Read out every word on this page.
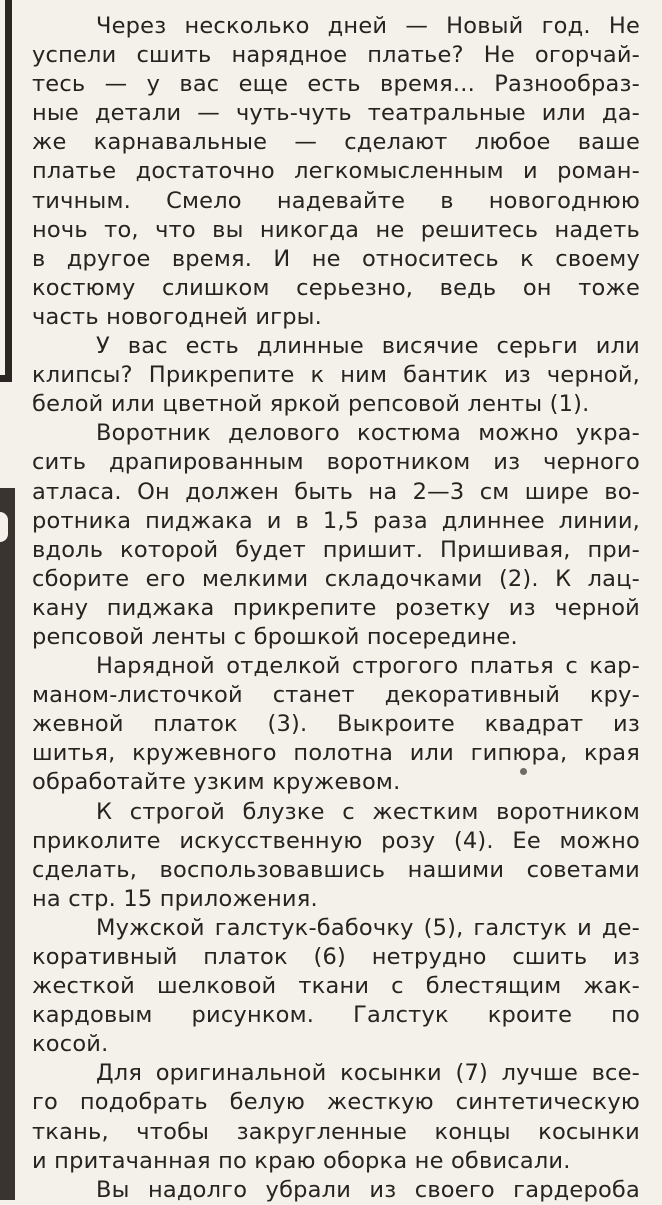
Через несколько дней — Новый год. Не
успели сшить нарядное платье? Не огорчай-
тесь — у вас еще есть время... Разнообраз-
ные детали — чуть-чуть театральные или да-
же карнавальные — сделают любое ваше
платье достаточно легкомысленным и роман-
тичным. Смело надевайте в новогоднюю
ночь то, что вы никогда не решитесь надеть
в другое время. И не относитесь к своему
костюму слишком серьезно, ведь он тоже
часть новогодней игры.
У вас есть длинные висячие серьги или
клипсы? Прикрепите к ним бантик из черной,
белой или цветной яркой репсовой ленты (1).
Воротник делового костюма можно укра-
сить драпированным воротником из черного
атласа. Он должен быть на 2—3 см шире во-
ротника пиджака и в 1,5 раза длиннее линии,
вдоль которой будет пришит. Пришивая, при-
сборите его мелкими складочками (2). К лац-
кану пиджака прикрепите розетку из черной
репсовой ленты с брошкой посередине.
Нарядной отделкой строгого платья с кар-
маном-листочкой станет декоративный кру-
жевной платок (3). Выкроите квадрат из
шитья, кружевного полотна или гипюра, края
обработайте узким кружевом.
К строгой блузке с жестким воротником
приколите искусственную розу (4). Ее можно
сделать, воспользовавшись нашими советами
на стр. 15 приложения.
Мужской галстук-бабочку (5), галстук и де-
коративный платок (6) нетрудно сшить из
жесткой шелковой ткани с блестящим жак-
кардовым рисунком. Галстук кроите по
косой.
Для оригинальной косынки (7) лучше все-
го подобрать белую жесткую синтетическую
ткань, чтобы закругленные концы косынки
и притачанная по краю оборка не обвисали.
Вы надолго убрали из своего гардероба
